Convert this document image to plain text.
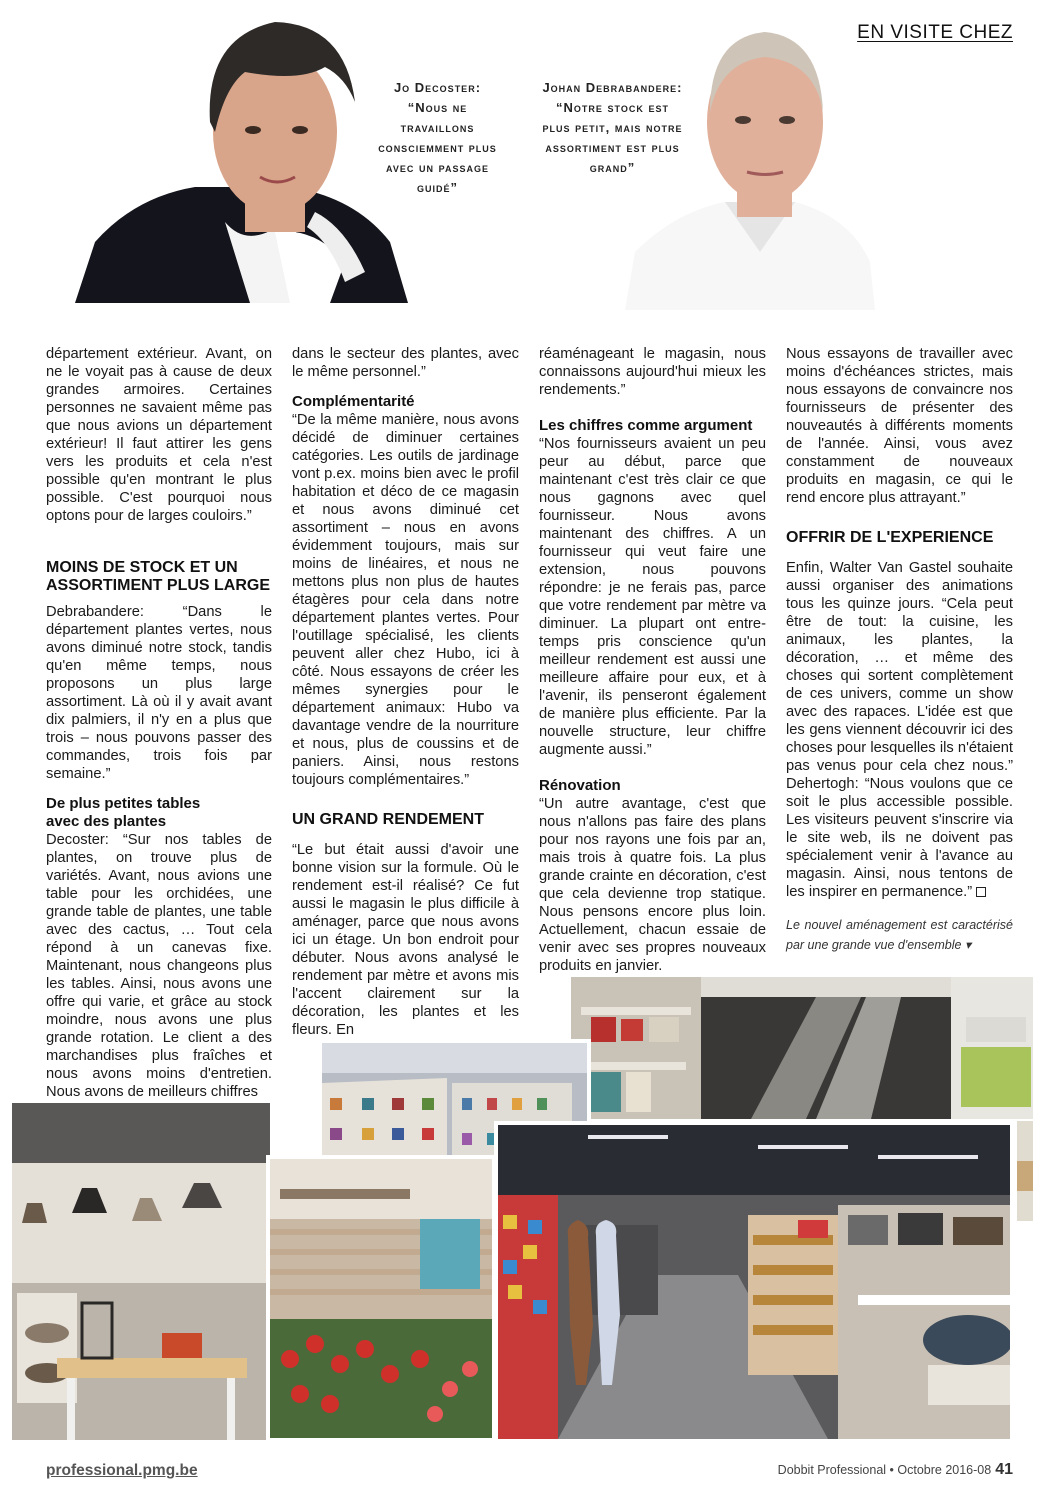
EN VISITE CHEZ
Jo Decoster:
“Nous ne travaillons consciemment plus avec un passage guidé”
Johan Debrabandere:
“Notre stock est plus petit, mais notre assortiment est plus grand”

département extérieur. Avant, on ne le voyait pas à cause de deux grandes armoires. Certaines personnes ne savaient même pas que nous avions un département extérieur! Il faut attirer les gens vers les produits et cela n'est possible qu'en montrant le plus possible. C'est pourquoi nous optons pour de larges couloirs.”

MOINS DE STOCK ET UN ASSORTIMENT PLUS LARGE

Debrabandere: “Dans le département plantes vertes, nous avons diminué notre stock, tandis qu'en même temps, nous proposons un plus large assortiment. Là où il y avait avant dix palmiers, il n'y en a plus que trois – nous pouvons passer des commandes, trois fois par semaine.”

De plus petites tables avec des plantes

Decoster: “Sur nos tables de plantes, on trouve plus de variétés. Avant, nous avions une table pour les orchidées, une grande table de plantes, une table avec des cactus, … Tout cela répond à un canevas fixe. Maintenant, nous changeons plus les tables. Ainsi, nous avons une offre qui varie, et grâce au stock moindre, nous avons une plus grande rotation. Le client a des marchandises plus fraîches et nous avons moins d'entretien. Nous avons de meilleurs chiffres

dans le secteur des plantes, avec le même personnel.”

Complémentarité

“De la même manière, nous avons décidé de diminuer certaines catégories. Les outils de jardinage vont p.ex. moins bien avec le profil habitation et déco de ce magasin et nous avons diminué cet assortiment – nous en avons évidemment toujours, mais sur moins de linéaires, et nous ne mettons plus non plus de hautes étagères pour cela dans notre département plantes vertes. Pour l'outillage spécialisé, les clients peuvent aller chez Hubo, ici à côté. Nous essayons de créer les mêmes synergies pour le département animaux: Hubo va davantage vendre de la nourriture et nous, plus de coussins et de paniers. Ainsi, nous restons toujours complémentaires.”

UN GRAND RENDEMENT

“Le but était aussi d'avoir une bonne vision sur la formule. Où le rendement est-il réalisé? Ce fut aussi le magasin le plus difficile à aménager, parce que nous avons ici un étage. Un bon endroit pour débuter. Nous avons analysé le rendement par mètre et avons mis l'accent clairement sur la décoration, les plantes et les fleurs. En

réaménageant le magasin, nous connaissons aujourd'hui mieux les rendements.”

Les chiffres comme argument

“Nos fournisseurs avaient un peu peur au début, parce que maintenant c'est très clair ce que nous gagnons avec quel fournisseur. Nous avons maintenant des chiffres. A un fournisseur qui veut faire une extension, nous pouvons répondre: je ne ferais pas, parce que votre rendement par mètre va diminuer. La plupart ont entre-temps pris conscience qu'un meilleur rendement est aussi une meilleure affaire pour eux, et à l'avenir, ils penseront également de manière plus efficiente. Par la nouvelle structure, leur chiffre augmente aussi.”

Rénovation

“Un autre avantage, c'est que nous n'allons pas faire des plans pour nos rayons une fois par an, mais trois à quatre fois. La plus grande crainte en décoration, c'est que cela devienne trop statique. Nous pensons encore plus loin. Actuellement, chacun essaie de venir avec ses propres nouveaux produits en janvier.

Nous essayons de travailler avec moins d'échéances strictes, mais nous essayons de convaincre nos fournisseurs de présenter des nouveautés à différents moments de l'année. Ainsi, vous avez constamment de nouveaux produits en magasin, ce qui le rend encore plus attrayant.”

OFFRIR DE L'EXPERIENCE

Enfin, Walter Van Gastel souhaite aussi organiser des animations tous les quinze jours. “Cela peut être de tout: la cuisine, les animaux, les plantes, la décoration, … et même des choses qui sortent complètement de ces univers, comme un show avec des rapaces. L'idée est que les gens viennent découvrir ici des choses pour lesquelles ils n'étaient pas venus pour cela chez nous.” Dehertogh: “Nous voulons que ce soit le plus accessible possible. Les visiteurs peuvent s'inscrire via le site web, ils ne doivent pas spécialement venir à l'avance au magasin. Ainsi, nous tentons de les inspirer en permanence.”

Le nouvel aménagement est caractérisé par une grande vue d'ensemble ▾

professional.pmg.be	Dobbit Professional • Octobre 2016-08 41
